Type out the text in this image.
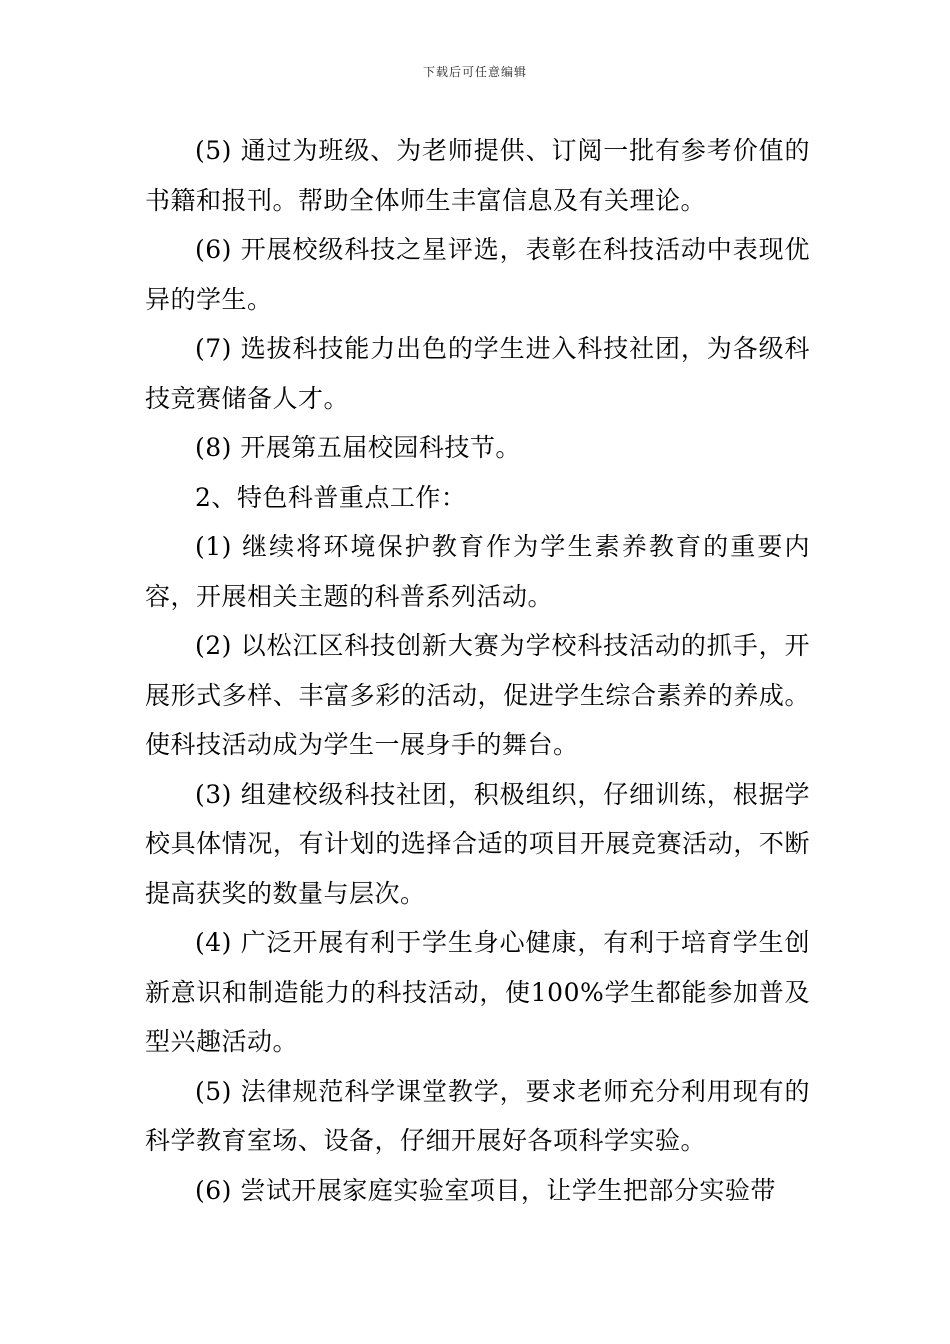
下载后可任意编辑

(5) 通过为班级、为老师提供、订阅一批有参考价值的书籍和报刊。帮助全体师生丰富信息及有关理论。

(6) 开展校级科技之星评选，表彰在科技活动中表现优异的学生。

(7) 选拔科技能力出色的学生进入科技社团，为各级科技竞赛储备人才。

(8) 开展第五届校园科技节。

2、特色科普重点工作：

(1) 继续将环境保护教育作为学生素养教育的重要内容，开展相关主题的科普系列活动。

(2) 以松江区科技创新大赛为学校科技活动的抓手，开展形式多样、丰富多彩的活动，促进学生综合素养的养成。使科技活动成为学生一展身手的舞台。

(3) 组建校级科技社团，积极组织，仔细训练，根据学校具体情况，有计划的选择合适的项目开展竞赛活动，不断提高获奖的数量与层次。

(4) 广泛开展有利于学生身心健康，有利于培育学生创新意识和制造能力的科技活动，使100%学生都能参加普及型兴趣活动。

(5) 法律规范科学课堂教学，要求老师充分利用现有的科学教育室场、设备，仔细开展好各项科学实验。

(6) 尝试开展家庭实验室项目，让学生把部分实验带
